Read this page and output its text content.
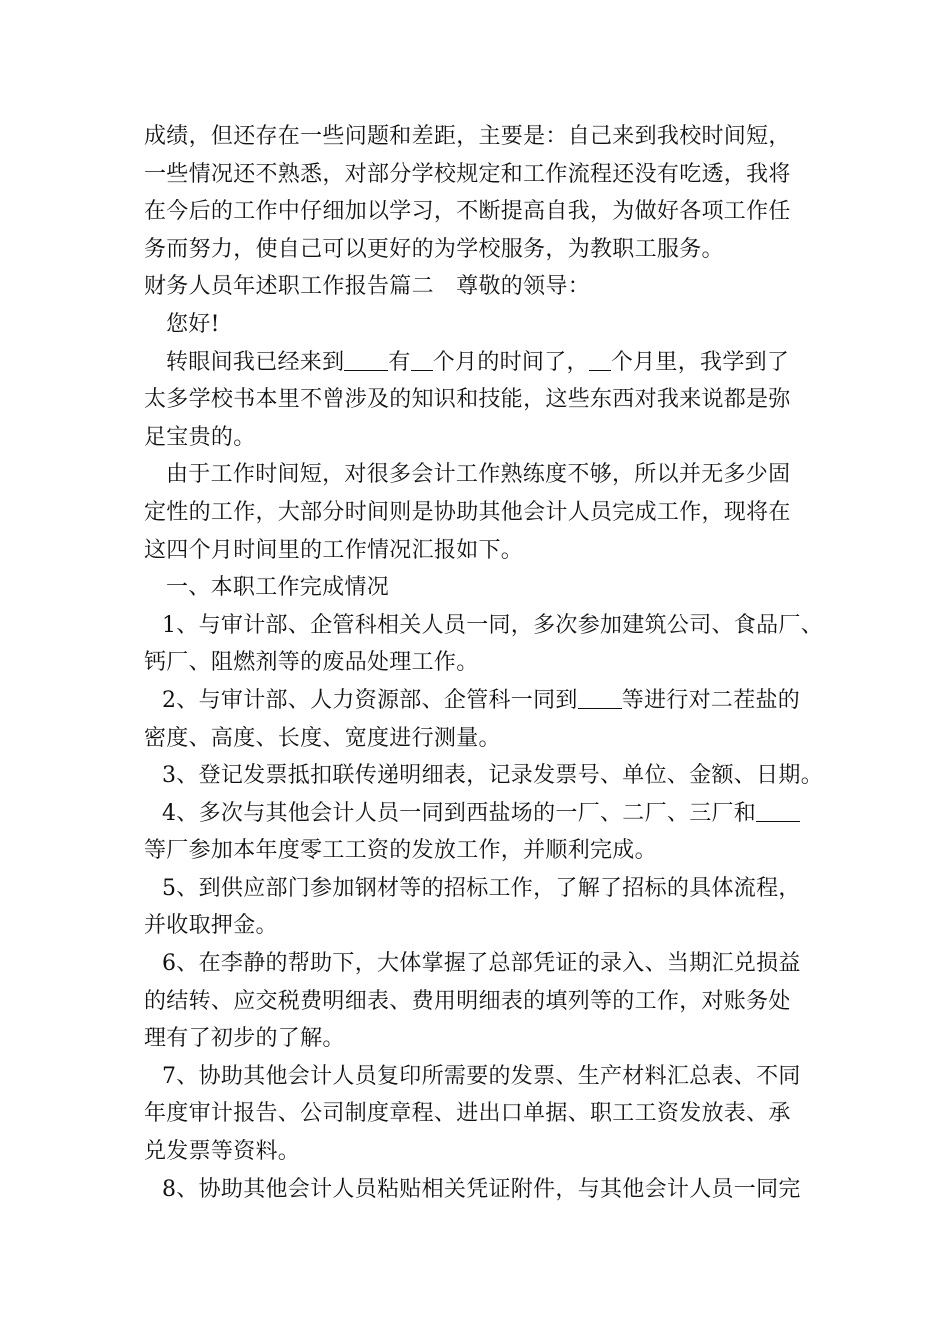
成绩，但还存在一些问题和差距，主要是：自己来到我校时间短，
一些情况还不熟悉，对部分学校规定和工作流程还没有吃透，我将
在今后的工作中仔细加以学习，不断提高自我，为做好各项工作任
务而努力，使自己可以更好的为学校服务，为教职工服务。
财务人员年述职工作报告篇二　尊敬的领导：
您好!
转眼间我已经来到 有 个月的时间了， 个月里，我学到了
太多学校书本里不曾涉及的知识和技能，这些东西对我来说都是弥
足宝贵的。
由于工作时间短，对很多会计工作熟练度不够，所以并无多少固
定性的工作，大部分时间则是协助其他会计人员完成工作，现将在
这四个月时间里的工作情况汇报如下。
一、本职工作完成情况
1、与审计部、企管科相关人员一同，多次参加建筑公司、食品厂、
钙厂、阻燃剂等的废品处理工作。
2、与审计部、人力资源部、企管科一同到 等进行对二茬盐的
密度、高度、长度、宽度进行测量。
3、登记发票抵扣联传递明细表，记录发票号、单位、金额、日期。
4、多次与其他会计人员一同到西盐场的一厂、二厂、三厂和
等厂参加本年度零工工资的发放工作，并顺利完成。
5、到供应部门参加钢材等的招标工作，了解了招标的具体流程，
并收取押金。
6、在李静的帮助下，大体掌握了总部凭证的录入、当期汇兑损益
的结转、应交税费明细表、费用明细表的填列等的工作，对账务处
理有了初步的了解。
7、协助其他会计人员复印所需要的发票、生产材料汇总表、不同
年度审计报告、公司制度章程、进出口单据、职工工资发放表、承
兑发票等资料。
8、协助其他会计人员粘贴相关凭证附件，与其他会计人员一同完
